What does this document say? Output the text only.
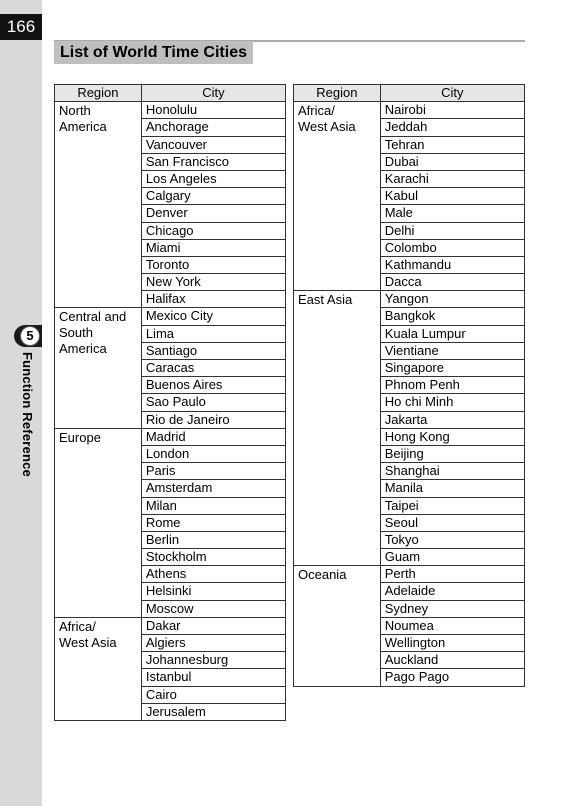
166
5
Function Reference
List of World Time Cities
Region	City
North
America	Honolulu
	Anchorage
	Vancouver
	San Francisco
	Los Angeles
	Calgary
	Denver
	Chicago
	Miami
	Toronto
	New York
	Halifax
Central and
South
America	Mexico City
	Lima
	Santiago
	Caracas
	Buenos Aires
	Sao Paulo
	Rio de Janeiro
Europe	Madrid
	London
	Paris
	Amsterdam
	Milan
	Rome
	Berlin
	Stockholm
	Athens
	Helsinki
	Moscow
Africa/
West Asia	Dakar
	Algiers
	Johannesburg
	Istanbul
	Cairo
	Jerusalem
Region	City
Africa/
West Asia	Nairobi
	Jeddah
	Tehran
	Dubai
	Karachi
	Kabul
	Male
	Delhi
	Colombo
	Kathmandu
	Dacca
East Asia	Yangon
	Bangkok
	Kuala Lumpur
	Vientiane
	Singapore
	Phnom Penh
	Ho chi Minh
	Jakarta
	Hong Kong
	Beijing
	Shanghai
	Manila
	Taipei
	Seoul
	Tokyo
	Guam
Oceania	Perth
	Adelaide
	Sydney
	Noumea
	Wellington
	Auckland
	Pago Pago
